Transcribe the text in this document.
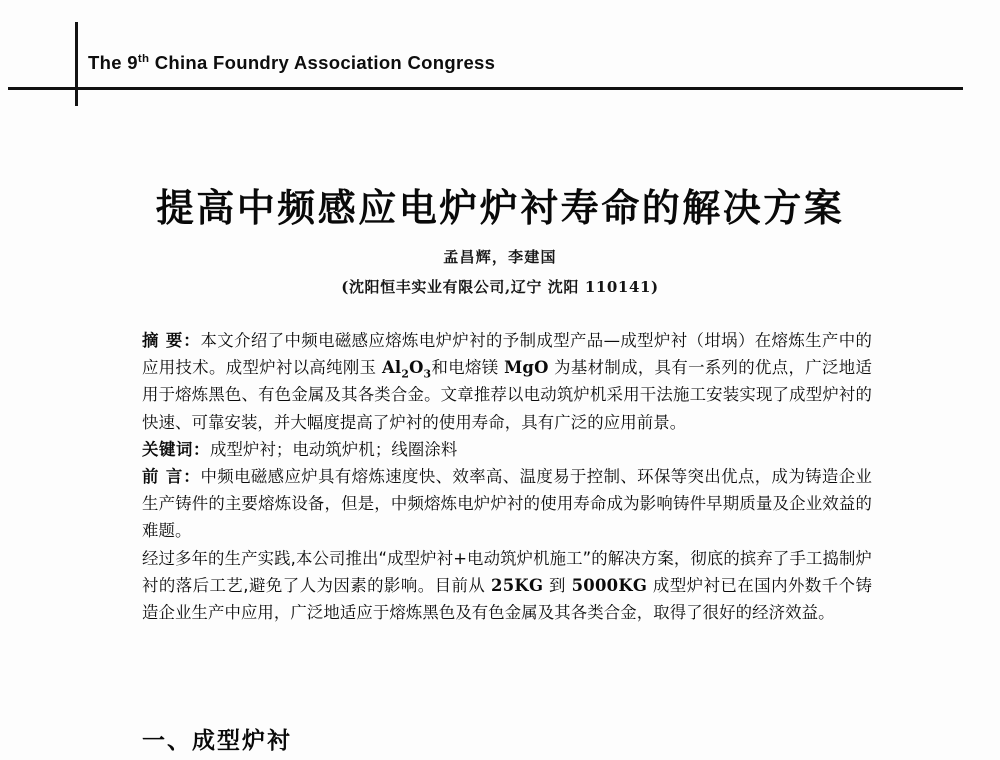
The 9th China Foundry Association Congress
提高中频感应电炉炉衬寿命的解决方案
孟昌辉，李建国
(沈阳恒丰实业有限公司,辽宁 沈阳 110141)

摘 要：本文介绍了中频电磁感应熔炼电炉炉衬的予制成型产品—成型炉衬（坩埚）在熔炼生产中的应用技术。成型炉衬以高纯刚玉 $Al_2O_3$和电熔镁 MgO 为基材制成，具有一系列的优点，广泛地适用于熔炼黑色、有色金属及其各类合金。文章推荐以电动筑炉机采用干法施工安装实现了成型炉衬的快速、可靠安装，并大幅度提高了炉衬的使用寿命，具有广泛的应用前景。

关键词：成型炉衬；电动筑炉机；线圈涂料

前 言：中频电磁感应炉具有熔炼速度快、效率高、温度易于控制、环保等突出优点，成为铸造企业生产铸件的主要熔炼设备，但是，中频熔炼电炉炉衬的使用寿命成为影响铸件早期质量及企业效益的难题。

经过多年的生产实践,本公司推出“成型炉衬+电动筑炉机施工”的解决方案，彻底的摈弃了手工捣制炉衬的落后工艺,避免了人为因素的影响。目前从 25KG 到 5000KG 成型炉衬已在国内外数千个铸造企业生产中应用，广泛地适应于熔炼黑色及有色金属及其各类合金，取得了很好的经济效益。

一、成型炉衬
